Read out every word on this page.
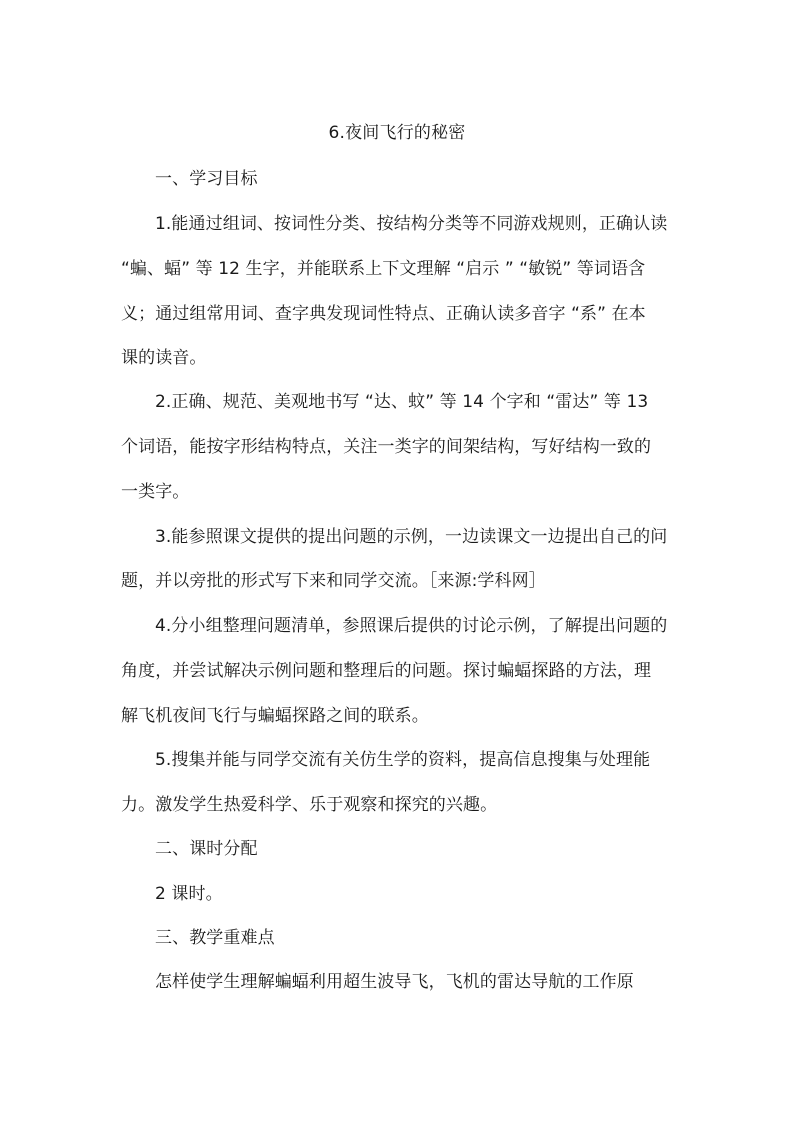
6.夜间飞行的秘密
一、学习目标
1.能通过组词、按词性分类、按结构分类等不同游戏规则，正确认读
“蝙、蝠” 等 12 生字，并能联系上下文理解 “启示 ” “敏锐” 等词语含
义；通过组常用词、查字典发现词性特点、正确认读多音字 “系” 在本
课的读音。
2.正确、规范、美观地书写 “达、蚊” 等 14 个字和 “雷达” 等 13
个词语，能按字形结构特点，关注一类字的间架结构，写好结构一致的
一类字。
3.能参照课文提供的提出问题的示例，一边读课文一边提出自己的问
题，并以旁批的形式写下来和同学交流。［来源:学科网］
4.分小组整理问题清单，参照课后提供的讨论示例，了解提出问题的
角度，并尝试解决示例问题和整理后的问题。探讨蝙蝠探路的方法，理
解飞机夜间飞行与蝙蝠探路之间的联系。
5.搜集并能与同学交流有关仿生学的资料，提高信息搜集与处理能
力。激发学生热爱科学、乐于观察和探究的兴趣。
二、课时分配
2 课时。
三、教学重难点
怎样使学生理解蝙蝠利用超生波导飞，飞机的雷达导航的工作原
